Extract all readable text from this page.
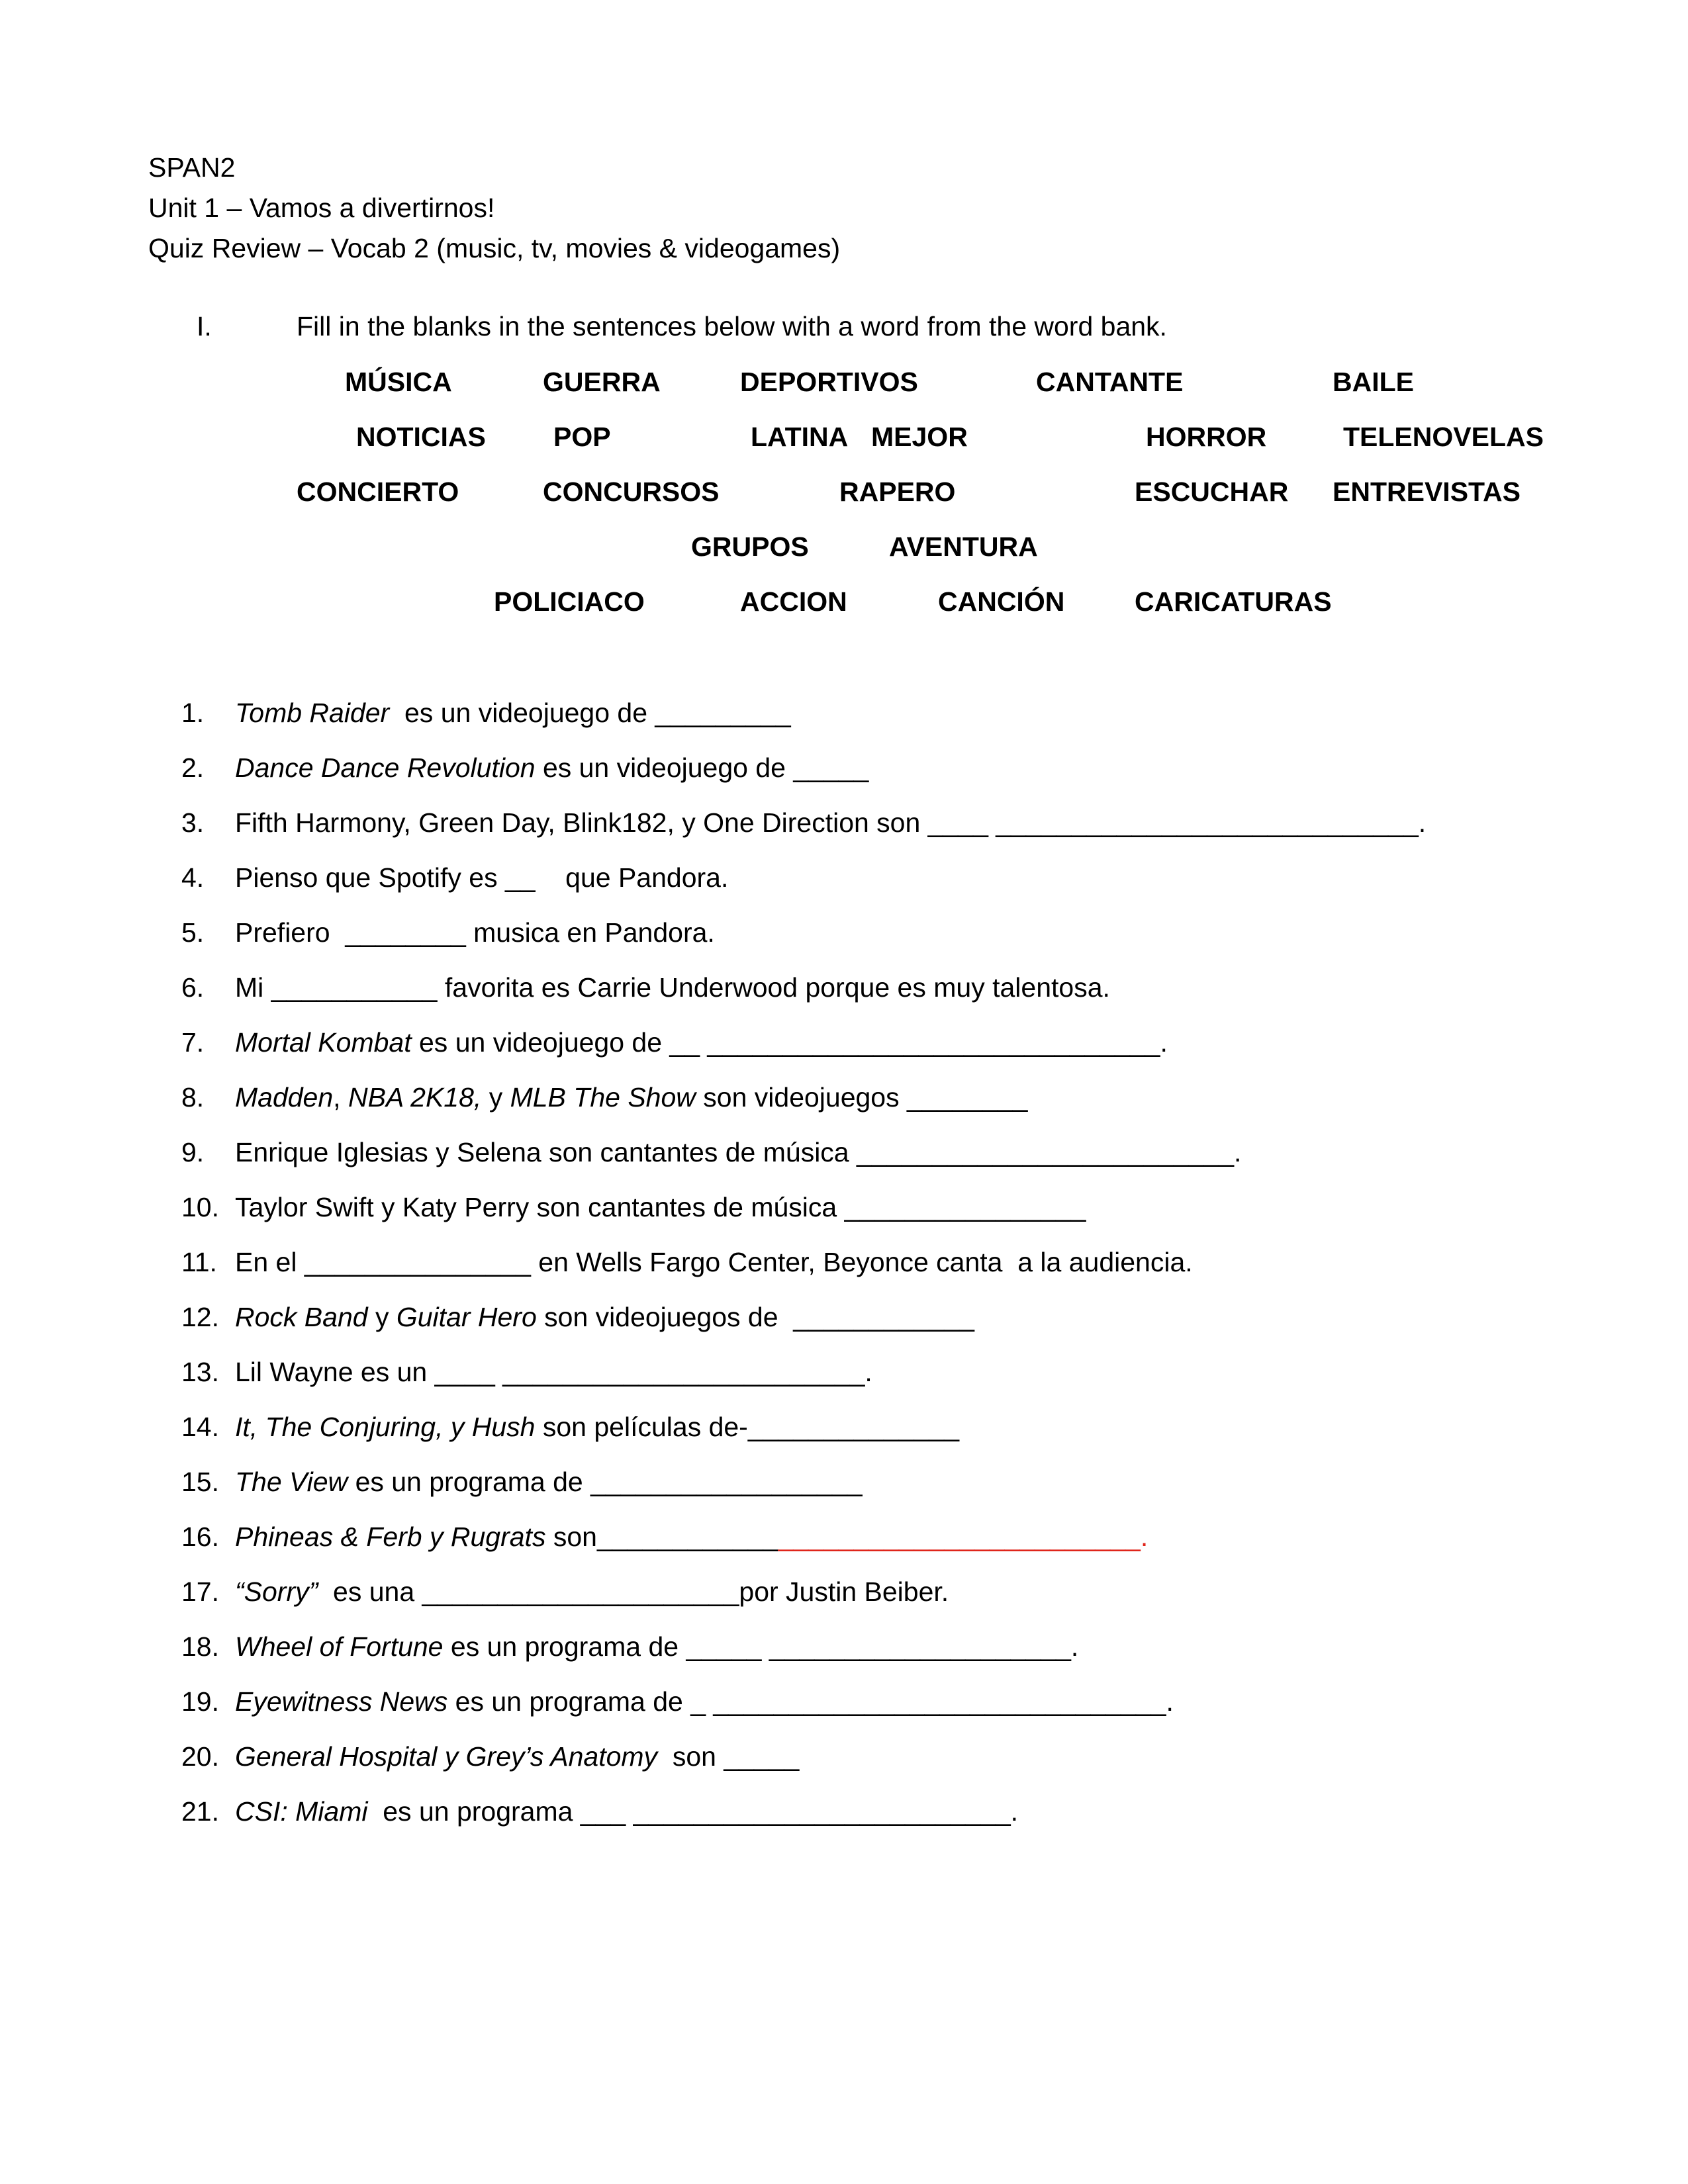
SPAN2
Unit 1 – Vamos a divertirnos!
Quiz Review – Vocab 2 (music, tv, movies & videogames)
I.	Fill in the blanks in the sentences below with a word from the word bank.
MÚSICA	GUERRA	DEPORTIVOS	CANTANTE	BAILE
NOTICIAS POP	LATINA MEJOR	HORROR	TELENOVELAS
CONCIERTO	CONCURSOS	RAPERO	ESCUCHAR ENTREVISTAS
GRUPOS	AVENTURA
POLICIACO	ACCION	CANCIÓN	CARICATURAS
1. Tomb Raider  es un videojuego de _________
2. Dance Dance Revolution es un videojuego de _____
3. Fifth Harmony, Green Day, Blink182, y One Direction son ____ ____________________________.
4. Pienso que Spotify es __    que Pandora.
5. Prefiero  ________ musica en Pandora.
6. Mi ___________ favorita es Carrie Underwood porque es muy talentosa.
7. Mortal Kombat es un videojuego de __ ______________________________.
8. Madden, NBA 2K18, y MLB The Show son videojuegos ________
9. Enrique Iglesias y Selena son cantantes de música _________________________.
10. Taylor Swift y Katy Perry son cantantes de música ________________
11. En el _______________ en Wells Fargo Center, Beyonce canta  a la audiencia.
12. Rock Band y Guitar Hero son videojuegos de  ____________
13. Lil Wayne es un ____ ________________________.
14. It, The Conjuring, y Hush son películas de-______________
15. The View es un programa de __________________
16. Phineas & Ferb y Rugrats son____________________________________.
17. “Sorry”  es una _____________________por Justin Beiber.
18. Wheel of Fortune es un programa de _____ ____________________.
19. Eyewitness News es un programa de _ ______________________________.
20. General Hospital y Grey’s Anatomy  son _____
21. CSI: Miami  es un programa ___ _________________________.
